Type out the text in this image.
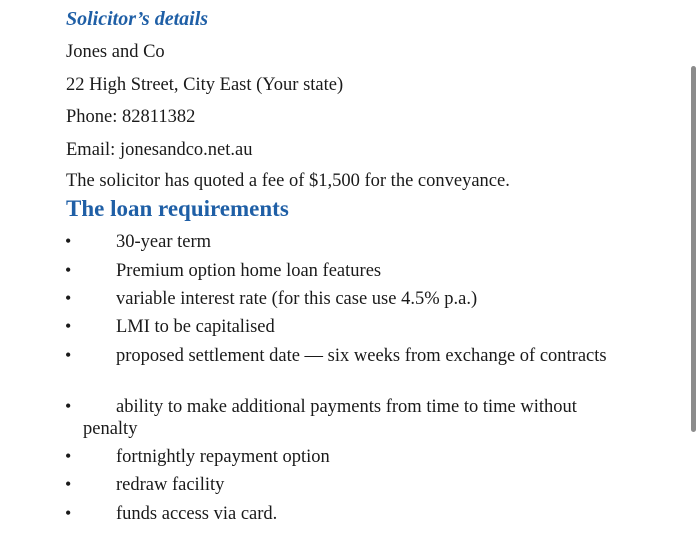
Solicitor’s details

Jones and Co

22 High Street, City East (Your state)

Phone: 82811382

Email: jonesandco.net.au

The solicitor has quoted a fee of $1,500 for the conveyance.

The loan requirements
•	30-year term
•	Premium option home loan features
•	variable interest rate (for this case use 4.5% p.a.)
•	LMI to be capitalised
•	proposed settlement date — six weeks from exchange of contracts
•	ability to make additional payments from time to time without penalty
•	fortnightly repayment option
•	redraw facility
•	funds access via card.
